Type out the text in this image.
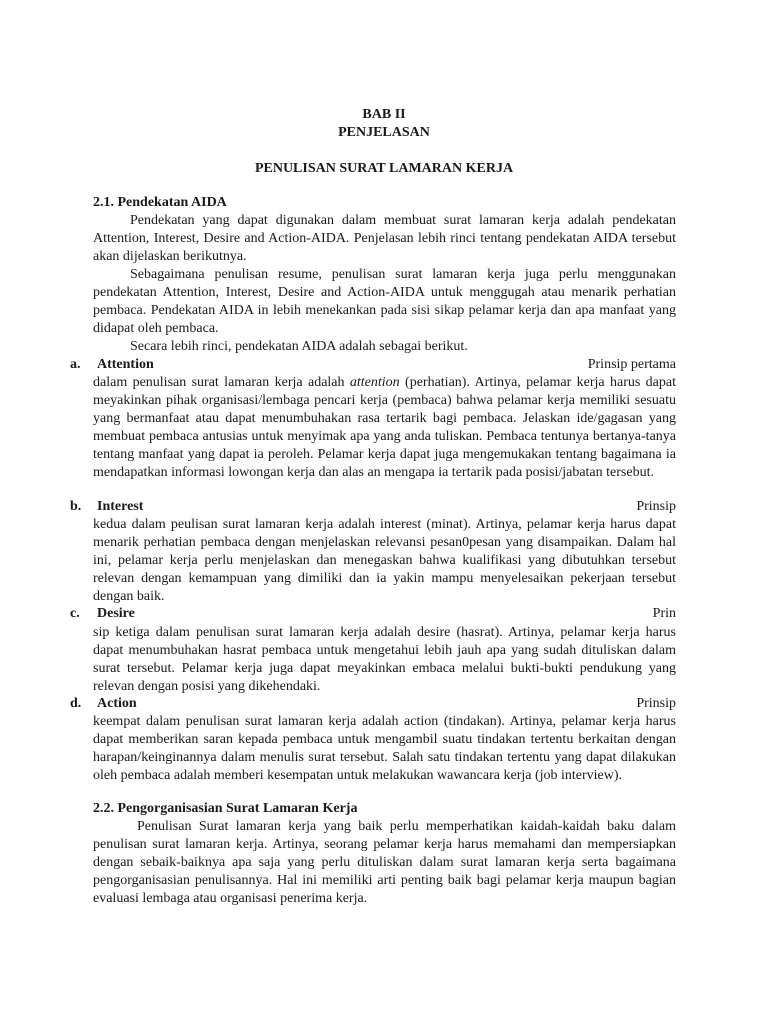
BAB II
PENJELASAN
PENULISAN SURAT LAMARAN KERJA
2.1. Pendekatan AIDA
Pendekatan yang dapat digunakan dalam membuat surat lamaran kerja adalah pendekatan Attention, Interest, Desire and Action-AIDA. Penjelasan lebih rinci tentang pendekatan AIDA tersebut akan dijelaskan berikutnya.
Sebagaimana penulisan resume, penulisan surat lamaran kerja juga perlu menggunakan pendekatan Attention, Interest, Desire and Action-AIDA untuk menggugah atau menarik perhatian pembaca. Pendekatan AIDA in lebih menekankan pada sisi sikap pelamar kerja dan apa manfaat yang didapat oleh pembaca.
Secara lebih rinci, pendekatan AIDA adalah sebagai berikut.
a. Attention	Prinsip pertama
dalam penulisan surat lamaran kerja adalah attention (perhatian). Artinya, pelamar kerja harus dapat meyakinkan pihak organisasi/lembaga pencari kerja (pembaca) bahwa pelamar kerja memiliki sesuatu yang bermanfaat atau dapat menumbuhakan rasa tertarik bagi pembaca. Jelaskan ide/gagasan yang membuat pembaca antusias untuk menyimak apa yang anda tuliskan. Pembaca tentunya bertanya-tanya tentang manfaat yang dapat ia peroleh. Pelamar kerja dapat juga mengemukakan tentang bagaimana ia mendapatkan informasi lowongan kerja dan alas an mengapa ia tertarik pada posisi/jabatan tersebut.
b. Interest	Prinsip
kedua dalam peulisan surat lamaran kerja adalah interest (minat). Artinya, pelamar kerja harus dapat menarik perhatian pembaca dengan menjelaskan relevansi pesan0pesan yang disampaikan. Dalam hal ini, pelamar kerja perlu menjelaskan dan menegaskan bahwa kualifikasi yang dibutuhkan tersebut relevan dengan kemampuan yang dimiliki dan ia yakin mampu menyelesaikan pekerjaan tersebut dengan baik.
c. Desire	Prin
sip ketiga dalam penulisan surat lamaran kerja adalah desire (hasrat). Artinya, pelamar kerja harus dapat menumbuhakan hasrat pembaca untuk mengetahui lebih jauh apa yang sudah dituliskan dalam surat tersebut. Pelamar kerja juga dapat meyakinkan embaca melalui bukti-bukti pendukung yang relevan dengan posisi yang dikehendaki.
d. Action	Prinsip
keempat dalam penulisan surat lamaran kerja adalah action (tindakan). Artinya, pelamar kerja harus dapat memberikan saran kepada pembaca untuk mengambil suatu tindakan tertentu berkaitan dengan harapan/keinginannya dalam menulis surat tersebut. Salah satu tindakan tertentu yang dapat dilakukan oleh pembaca adalah memberi kesempatan untuk melakukan wawancara kerja (job interview).
2.2. Pengorganisasian Surat Lamaran Kerja
Penulisan Surat lamaran kerja yang baik perlu memperhatikan kaidah-kaidah baku dalam penulisan surat lamaran kerja. Artinya, seorang pelamar kerja harus memahami dan mempersiapkan dengan sebaik-baiknya apa saja yang perlu dituliskan dalam surat lamaran kerja serta bagaimana pengorganisasian penulisannya. Hal ini memiliki arti penting baik bagi pelamar kerja maupun bagian evaluasi lembaga atau organisasi penerima kerja.
